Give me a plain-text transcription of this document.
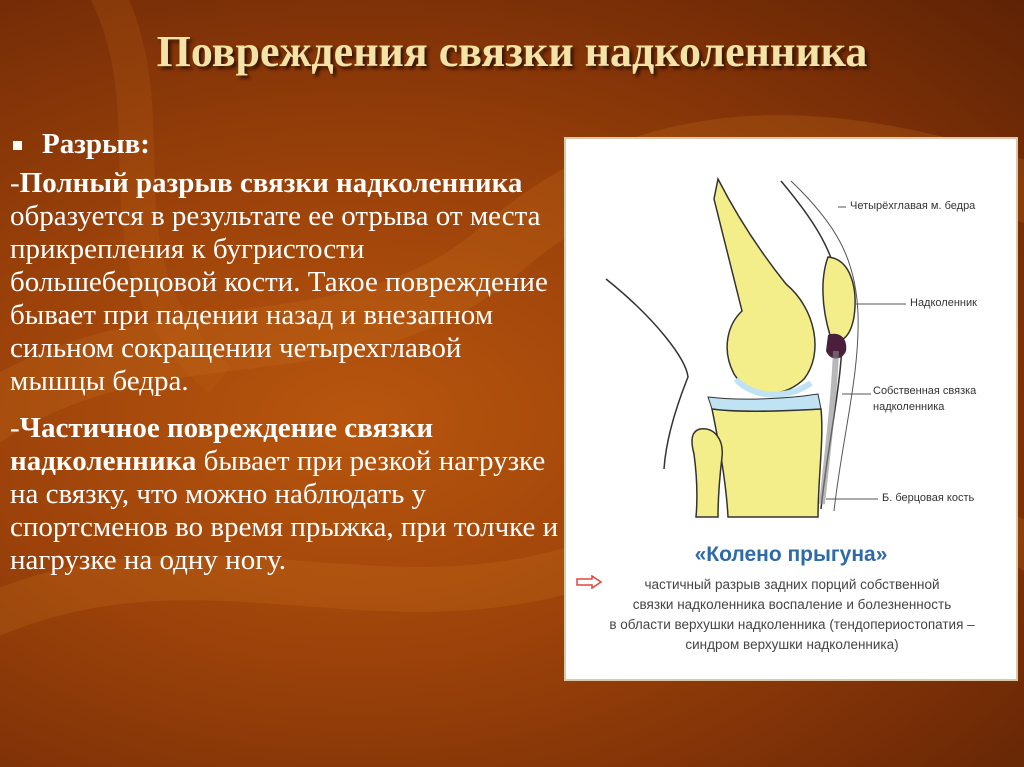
Повреждения связки надколенника

Разрыв:

-Полный разрыв связки надколенника образуется в результате ее отрыва от места прикрепления к бугристости большеберцовой кости. Такое повреждение бывает при падении назад и внезапном сильном сокращении четырехглавой мышцы бедра.

-Частичное повреждение связки надколенника бывает при резкой нагрузке на связку, что можно наблюдать у спортсменов во время прыжка, при толчке и нагрузке на одну ногу.

Четырёхглавая м. бедра
Надколенник
Собственная связка
надколенника
Б. берцовая кость
«Колено прыгуна»
частичный разрыв задних порций собственной
связки надколенника воспаление и болезненность
в области верхушки надколенника (тендопериостопатия –
синдром верхушки надколенника)
